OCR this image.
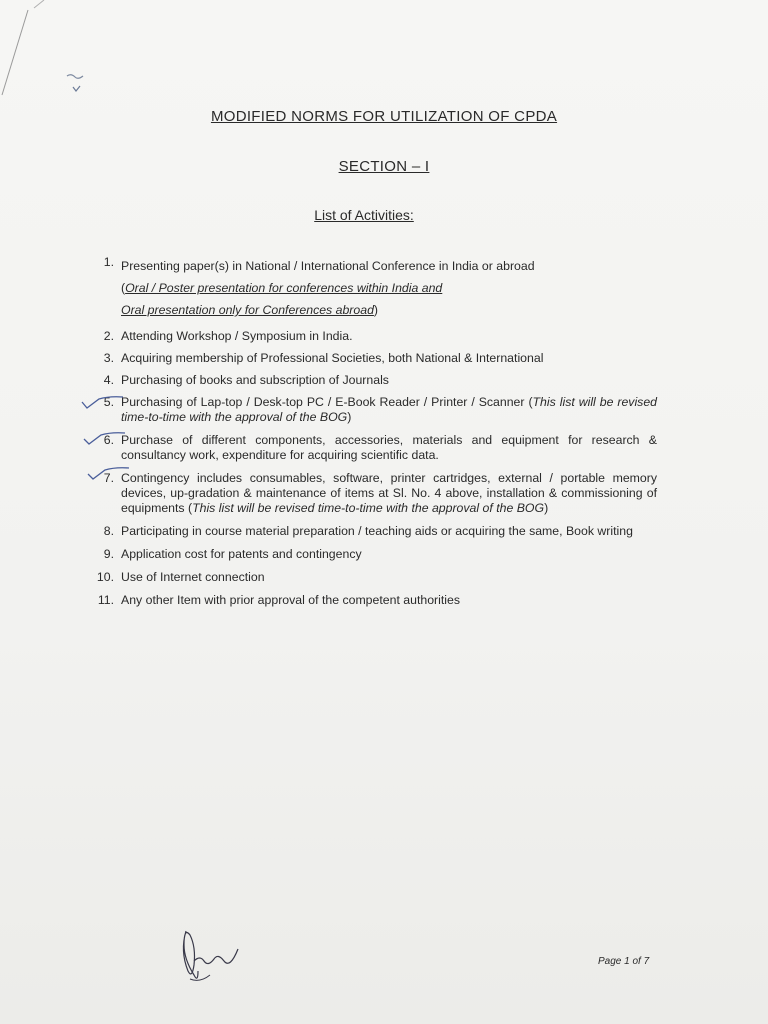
MODIFIED NORMS FOR UTILIZATION OF CPDA
SECTION – I
List of Activities:
1. Presenting paper(s) in National / International Conference in India or abroad
(Oral / Poster presentation for conferences within India and
Oral presentation only for Conferences abroad)
2. Attending Workshop / Symposium in India.
3. Acquiring membership of Professional Societies, both National & International
4. Purchasing of books and subscription of Journals
5. Purchasing of Lap-top / Desk-top PC / E-Book Reader / Printer / Scanner (This list will be revised time-to-time with the approval of the BOG)
6. Purchase of different components, accessories, materials and equipment for research & consultancy work, expenditure for acquiring scientific data.
7. Contingency includes consumables, software, printer cartridges, external / portable memory devices, up-gradation & maintenance of items at Sl. No. 4 above, installation & commissioning of equipments (This list will be revised time-to-time with the approval of the BOG)
8. Participating in course material preparation / teaching aids or acquiring the same, Book writing
9. Application cost for patents and contingency
10. Use of Internet connection
11. Any other Item with prior approval of the competent authorities
Page 1 of 7
